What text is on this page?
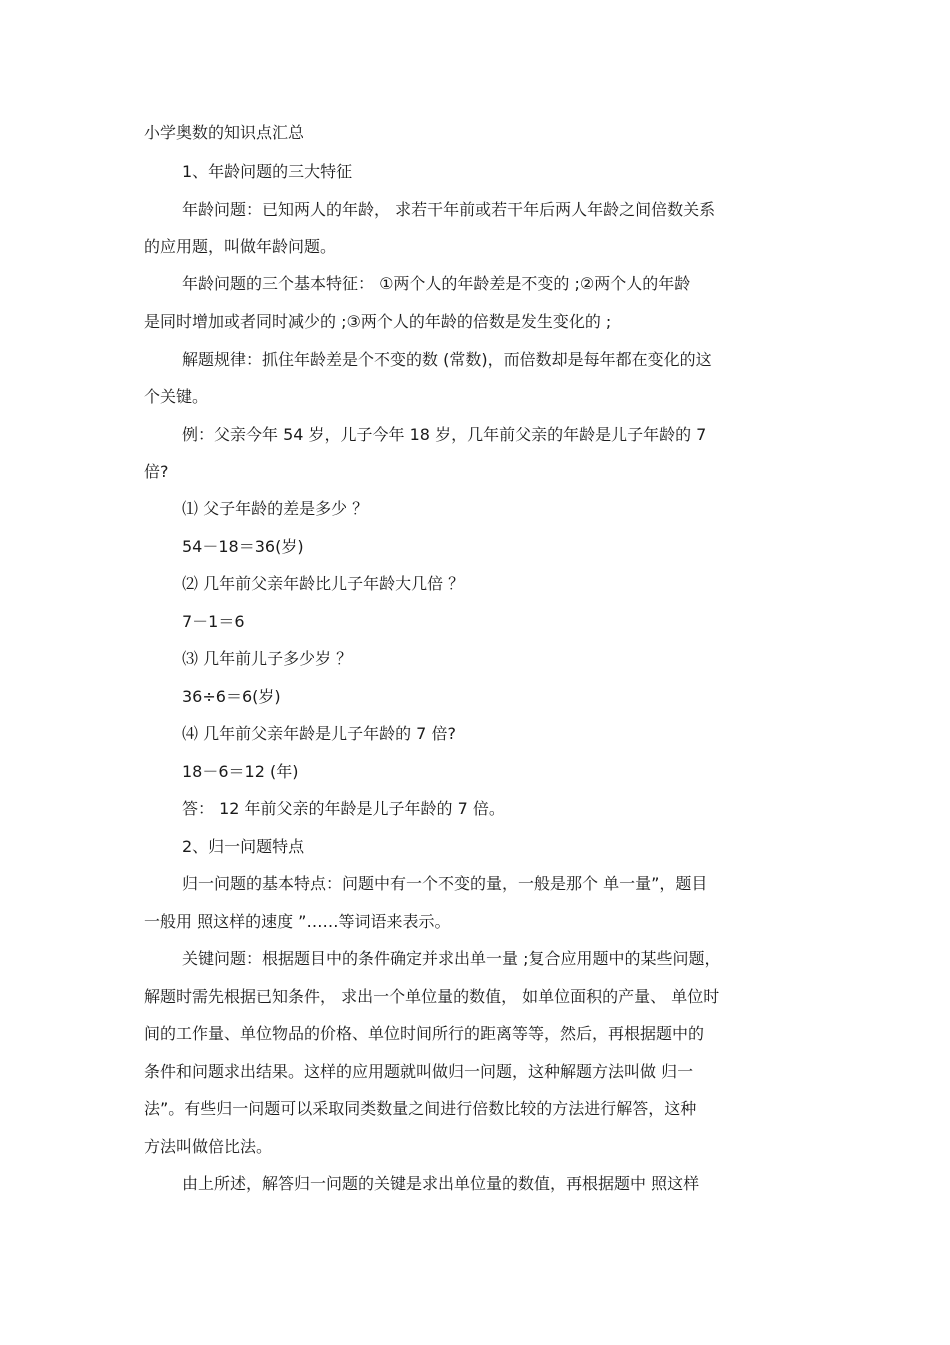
小学奥数的知识点汇总

1、年龄问题的三大特征

年龄问题：已知两人的年龄， 求若干年前或若干年后两人年龄之间倍数关系

的应用题，叫做年龄问题。

年龄问题的三个基本特征： ①两个人的年龄差是不变的 ;②两个人的年龄

是同时增加或者同时减少的 ;③两个人的年龄的倍数是发生变化的 ;

解题规律：抓住年龄差是个不变的数 (常数)，而倍数却是每年都在变化的这

个关键。

例：父亲今年 54 岁，儿子今年 18 岁，几年前父亲的年龄是儿子年龄的 7

倍?

⑴ 父子年龄的差是多少 ？

54－18＝36(岁)

⑵ 几年前父亲年龄比儿子年龄大几倍 ？

7－1＝6

⑶ 几年前儿子多少岁 ？

36÷6＝6(岁)

⑷ 几年前父亲年龄是儿子年龄的 7 倍?

18－6＝12 (年)

答： 12 年前父亲的年龄是儿子年龄的 7 倍。

2、归一问题特点

归一问题的基本特点：问题中有一个不变的量，一般是那个 单一量”，题目

一般用 照这样的速度 ”……等词语来表示。

关键问题：根据题目中的条件确定并求出单一量 ;复合应用题中的某些问题，

解题时需先根据已知条件， 求出一个单位量的数值， 如单位面积的产量、 单位时

间的工作量、单位物品的价格、单位时间所行的距离等等，然后，再根据题中的

条件和问题求出结果。这样的应用题就叫做归一问题，这种解题方法叫做 归一

法”。有些归一问题可以采取同类数量之间进行倍数比较的方法进行解答，这种

方法叫做倍比法。

由上所述，解答归一问题的关键是求出单位量的数值，再根据题中 照这样
